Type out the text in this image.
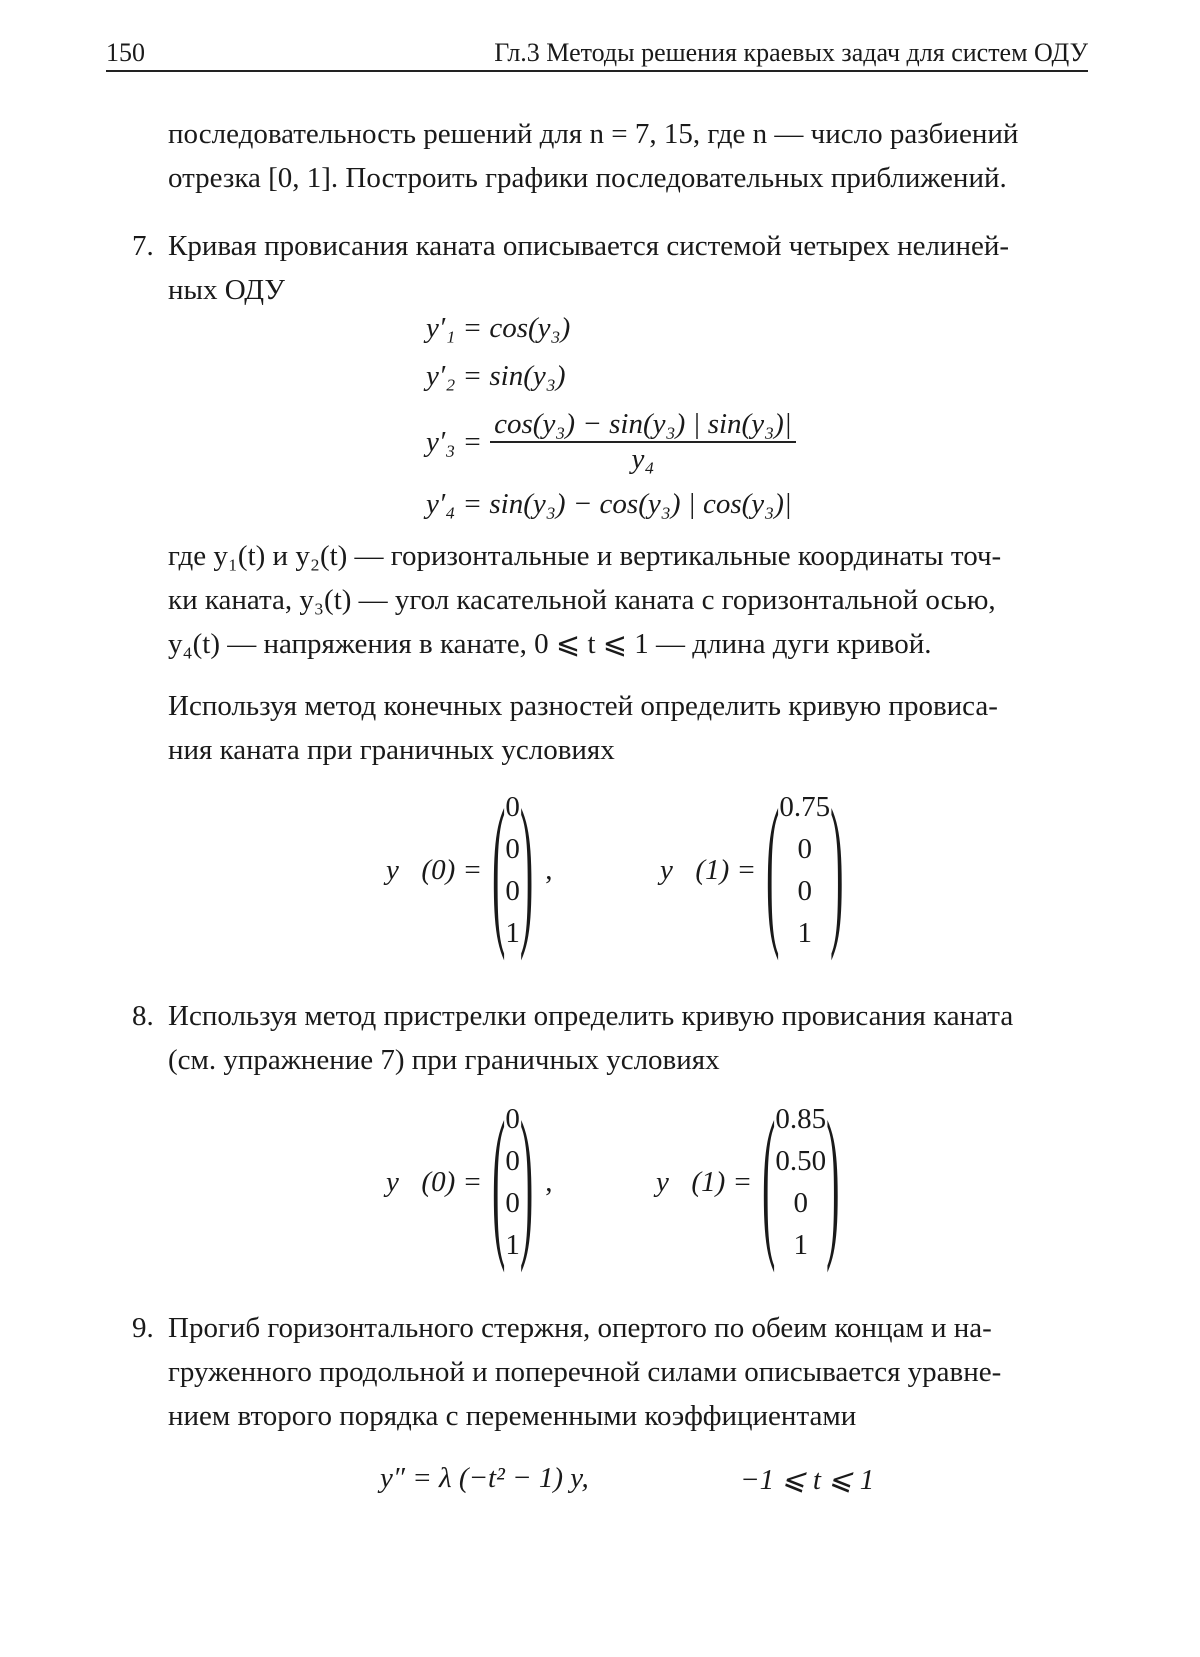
150	Гл.3 Методы решения краевых задач для систем ОДУ
последовательность решений для n = 7, 15, где n — число разбиений
отрезка [0, 1]. Построить графики последовательных приближений.
7. Кривая провисания каната описывается системой четырех нелиней-
ных ОДУ
y′₁ = cos(y₃)
y′₂ = sin(y₃)
$y'_3 = \frac{\text{cos(y₃) − sin(y₃) | sin(y₃)|}}{\text{y₄}}$
y′₄ = sin(y₃) − cos(y₃) | cos(y₃)|
где y₁(t) и y₂(t) — горизонтальные и вертикальные координаты точ-
ки каната, y₃(t) — угол касательной каната с горизонтальной осью,
y₄(t) — напряжения в канате, 0 ⩽ t ⩽ 1 — длина дуги кривой.
Используя метод конечных разностей определить кривую провиса-
ния каната при граничных условиях
y⃗(0) = ( 0
0
0
1 ) ,	y⃗(1) = ( 0.75
0
0
1 )
8. Используя метод пристрелки определить кривую провисания каната
(см. упражнение 7) при граничных условиях
y⃗(0) = ( 0
0
0
1 ) ,	y⃗(1) = ( 0.85
0.50
0
1 )
9. Прогиб горизонтального стержня, опертого по обеим концам и на-
груженного продольной и поперечной силами описывается уравне-
нием второго порядка с переменными коэффициентами
y″ = λ (−t² − 1) y,	−1 ⩽ t ⩽ 1
